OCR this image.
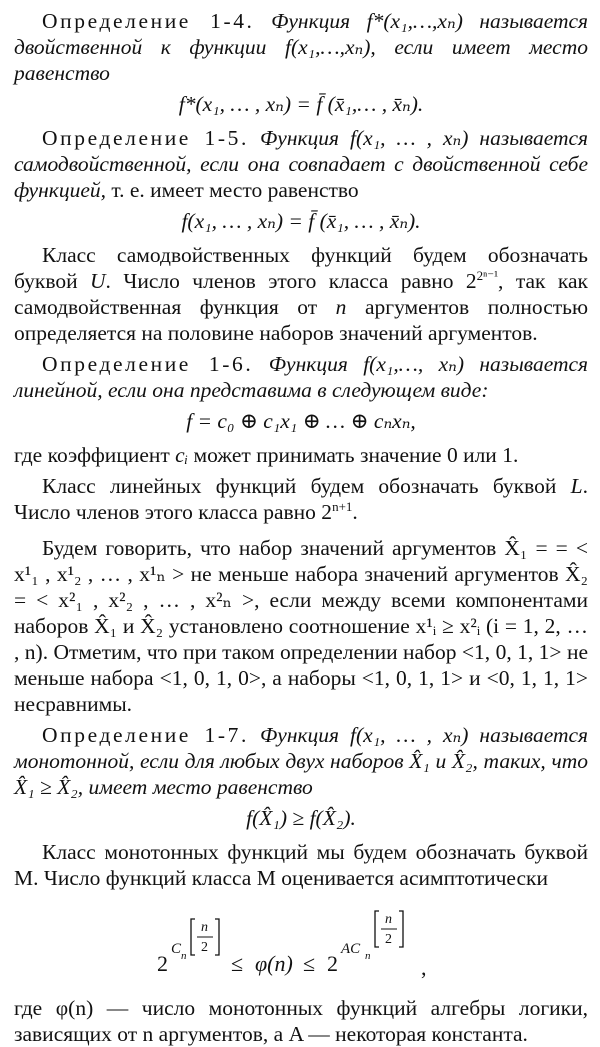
Определение 1-4. Функция f*(x₁,…,xₙ) называется двойственной к функции f(x₁,…,xₙ), если имеет место равенство

f*(x₁, … , xₙ) = f̄ (x̄₁,… , x̄ₙ).

Определение 1-5. Функция f(x₁, … , xₙ) называется самодвойственной, если она совпадает с двойственной себе функцией, т. е. имеет место равенство

f(x₁, … , xₙ) = f̄ (x̄₁, … , x̄ₙ).

Класс самодвойственных функций будем обозначать буквой U. Число членов этого класса равно $2^{2^{n-1}}$, так как самодвойственная функция от n аргументов полностью определяется на половине наборов значений аргументов.

Определение 1-6. Функция f(x₁,…, xₙ) называется линейной, если она представима в следующем виде:

f = c₀ ⊕ c₁x₁ ⊕ … ⊕ cₙxₙ,

где коэффициент cᵢ может принимать значение 0 или 1.

Класс линейных функций будем обозначать буквой L. Число членов этого класса равно $2^{n+1}$.

Будем говорить, что набор значений аргументов X̂₁ = = < x¹₁ , x¹₂ , … , x¹ₙ > не меньше набора значений аргументов X̂₂ = < x²₁ , x²₂ , … , x²ₙ >, если между всеми компонентами наборов X̂₁ и X̂₂ установлено соотношение x¹ᵢ ≥ x²ᵢ (i = 1, 2, … , n). Отметим, что при таком определении набор <1, 0, 1, 1> не меньше набора <1, 0, 1, 0>, а наборы <1, 0, 1, 1> и <0, 1, 1, 1> несравнимы.

Определение 1-7. Функция f(x₁, … , xₙ) называется монотонной, если для любых двух наборов X̂₁ и X̂₂, таких, что X̂₁ ≥ X̂₂, имеет место равенство

f(X̂₁) ≥ f(X̂₂).

Класс монотонных функций мы будем обозначать буквой M. Число функций класса M оценивается асимптотически

2
C n
n
2
≤ φ(n) ≤ 2
AC n
n
2
,

где φ(n) — число монотонных функций алгебры логики, зависящих от n аргументов, а A — некоторая константа.
